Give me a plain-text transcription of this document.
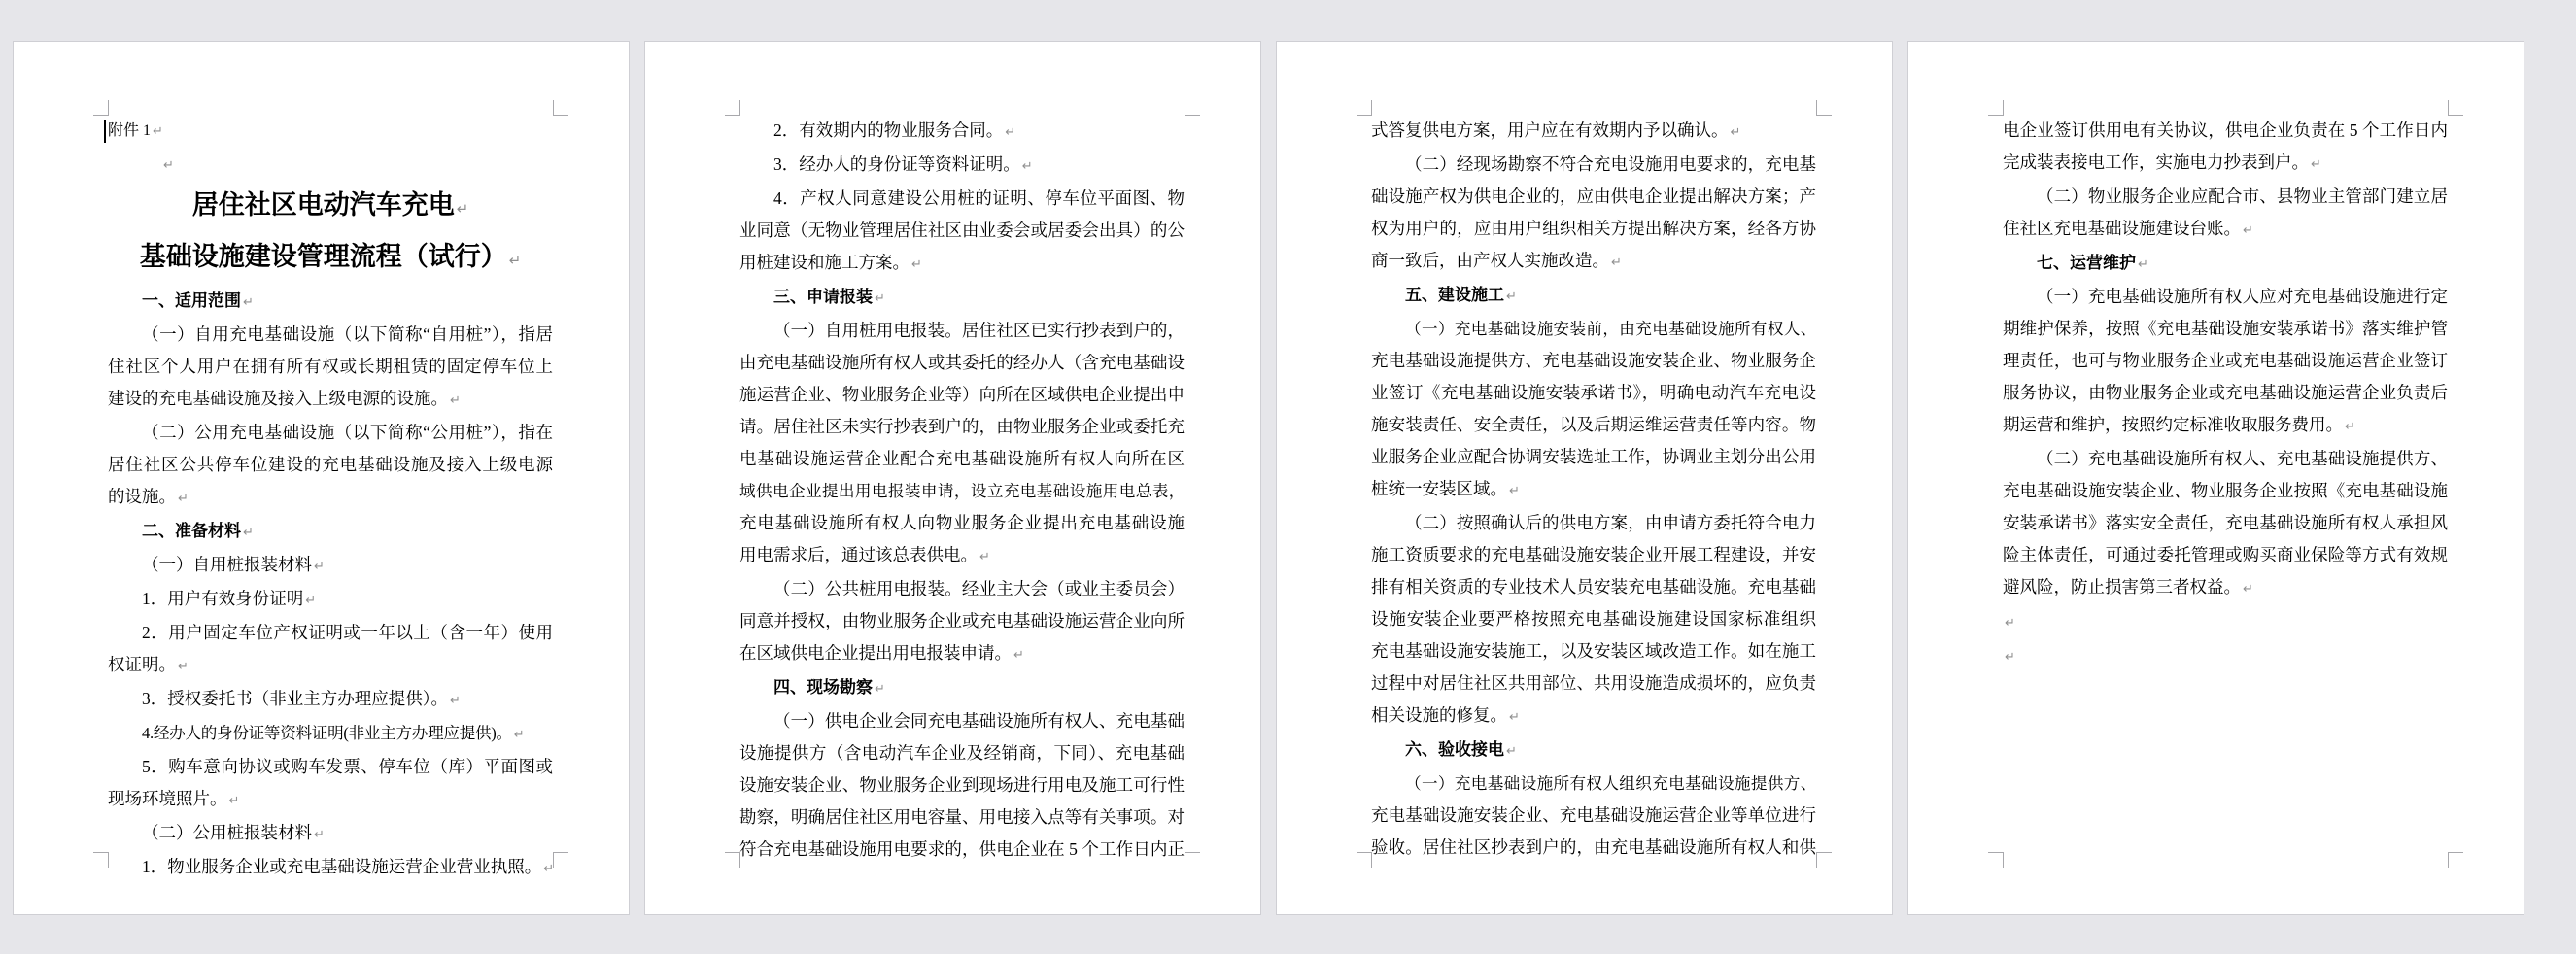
附件 1 ↵
↵
居住社区电动汽车充电 ↵
基础设施建设管理流程（试行） ↵
一、适用范围 ↵
（一）自用充电基础设施（以下简称“自用桩”），指居
住社区个人用户在拥有所有权或长期租赁的固定停车位上
建设的充电基础设施及接入上级电源的设施。 ↵
（二）公用充电基础设施（以下简称“公用桩”），指在
居住社区公共停车位建设的充电基础设施及接入上级电源
的设施。 ↵
二、准备材料 ↵
（一）自用桩报装材料 ↵
1．用户有效身份证明 ↵
2．用户固定车位产权证明或一年以上（含一年）使用
权证明。 ↵
3．授权委托书（非业主方办理应提供）。 ↵
4.经办人的身份证等资料证明(非业主方办理应提供)。 ↵
5．购车意向协议或购车发票、停车位（库）平面图或
现场环境照片。 ↵
（二）公用桩报装材料 ↵
1．物业服务企业或充电基础设施运营企业营业执照。 ↵
2．有效期内的物业服务合同。 ↵
3．经办人的身份证等资料证明。 ↵
4．产权人同意建设公用桩的证明、停车位平面图、物
业同意（无物业管理居住社区由业委会或居委会出具）的公
用桩建设和施工方案。 ↵
三、申请报装 ↵
（一）自用桩用电报装。居住社区已实行抄表到户的，
由充电基础设施所有权人或其委托的经办人（含充电基础设
施运营企业、物业服务企业等）向所在区域供电企业提出申
请。居住社区未实行抄表到户的，由物业服务企业或委托充
电基础设施运营企业配合充电基础设施所有权人向所在区
域供电企业提出用电报装申请，设立充电基础设施用电总表，
充电基础设施所有权人向物业服务企业提出充电基础设施
用电需求后，通过该总表供电。 ↵
（二）公共桩用电报装。经业主大会（或业主委员会）
同意并授权，由物业服务企业或充电基础设施运营企业向所
在区域供电企业提出用电报装申请。 ↵
四、现场勘察 ↵
（一）供电企业会同充电基础设施所有权人、充电基础
设施提供方（含电动汽车企业及经销商，下同）、充电基础
设施安装企业、物业服务企业到现场进行用电及施工可行性
勘察，明确居住社区用电容量、用电接入点等有关事项。对
符合充电基础设施用电要求的，供电企业在 5 个工作日内正
式答复供电方案，用户应在有效期内予以确认。 ↵
（二）经现场勘察不符合充电设施用电要求的，充电基
础设施产权为供电企业的，应由供电企业提出解决方案；产
权为用户的，应由用户组织相关方提出解决方案，经各方协
商一致后，由产权人实施改造。 ↵
五、建设施工 ↵
（一）充电基础设施安装前，由充电基础设施所有权人、
充电基础设施提供方、充电基础设施安装企业、物业服务企
业签订《充电基础设施安装承诺书》，明确电动汽车充电设
施安装责任、安全责任，以及后期运维运营责任等内容。物
业服务企业应配合协调安装选址工作，协调业主划分出公用
桩统一安装区域。 ↵
（二）按照确认后的供电方案，由申请方委托符合电力
施工资质要求的充电基础设施安装企业开展工程建设，并安
排有相关资质的专业技术人员安装充电基础设施。充电基础
设施安装企业要严格按照充电基础设施建设国家标准组织
充电基础设施安装施工，以及安装区域改造工作。如在施工
过程中对居住社区共用部位、共用设施造成损坏的，应负责
相关设施的修复。 ↵
六、验收接电 ↵
（一）充电基础设施所有权人组织充电基础设施提供方、
充电基础设施安装企业、充电基础设施运营企业等单位进行
验收。居住社区抄表到户的，由充电基础设施所有权人和供
电企业签订供用电有关协议，供电企业负责在 5 个工作日内
完成装表接电工作，实施电力抄表到户。 ↵
（二）物业服务企业应配合市、县物业主管部门建立居
住社区充电基础设施建设台账。 ↵
七、运营维护 ↵
（一）充电基础设施所有权人应对充电基础设施进行定
期维护保养，按照《充电基础设施安装承诺书》落实维护管
理责任，也可与物业服务企业或充电基础设施运营企业签订
服务协议，由物业服务企业或充电基础设施运营企业负责后
期运营和维护，按照约定标准收取服务费用。 ↵
（二）充电基础设施所有权人、充电基础设施提供方、
充电基础设施安装企业、物业服务企业按照《充电基础设施
安装承诺书》落实安全责任，充电基础设施所有权人承担风
险主体责任，可通过委托管理或购买商业保险等方式有效规
避风险，防止损害第三者权益。 ↵
↵
↵
